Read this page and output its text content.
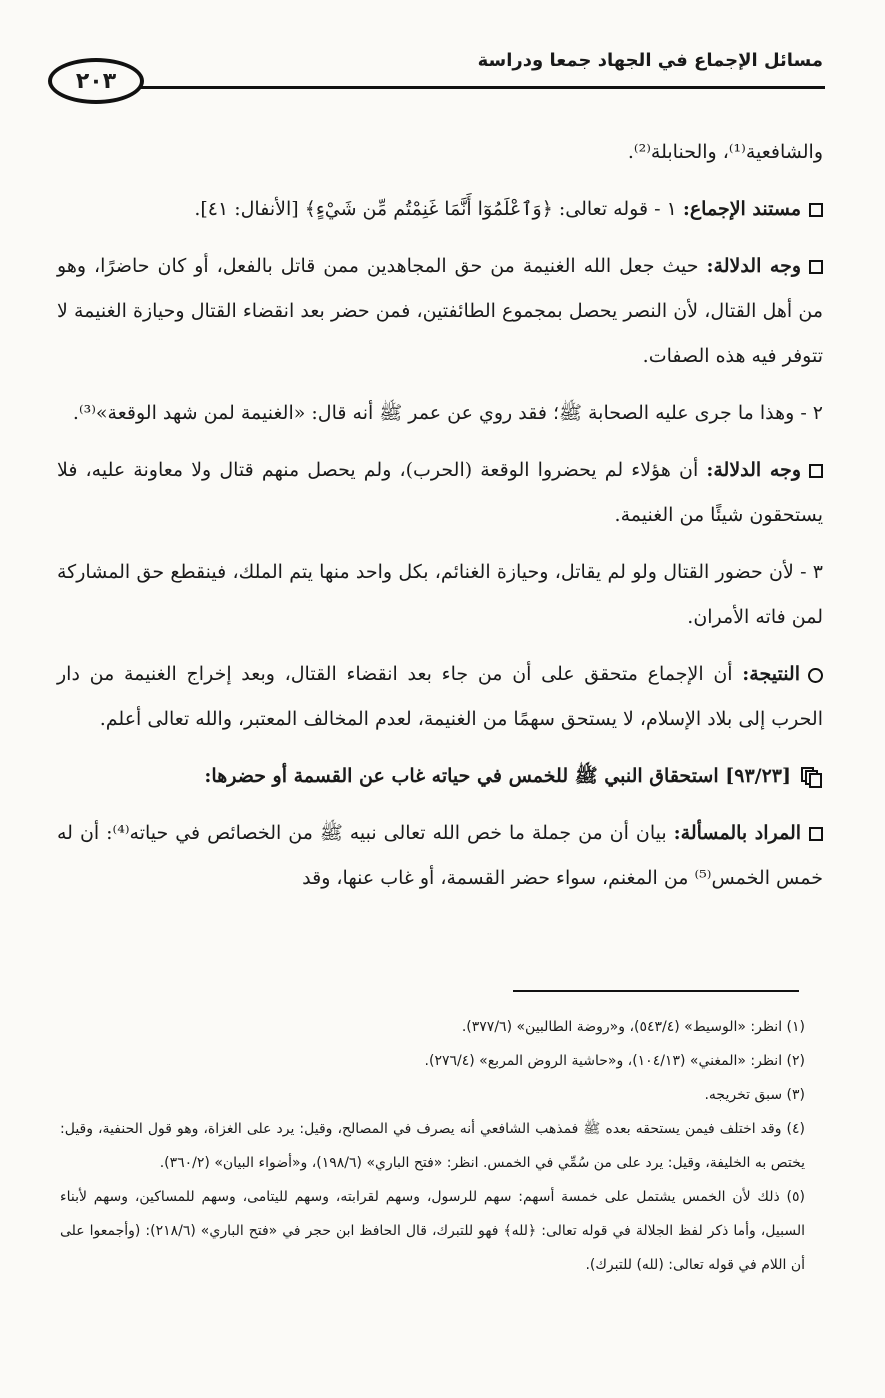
مسائل الإجماع في الجهاد جمعا ودراسة
٢٠٣

والشافعية⁽¹⁾، والحنابلة⁽²⁾.

مستند الإجماع: ١ - قوله تعالى: ﴿وَٱعْلَمُوٓا أَنَّمَا غَنِمْتُم مِّن شَيْءٍ﴾ [الأنفال: ٤١].

وجه الدلالة: حيث جعل الله الغنيمة من حق المجاهدين ممن قاتل بالفعل، أو كان حاضرًا، وهو من أهل القتال، لأن النصر يحصل بمجموع الطائفتين، فمن حضر بعد انقضاء القتال وحيازة الغنيمة لا تتوفر فيه هذه الصفات.

٢ - وهذا ما جرى عليه الصحابة ﷺ؛ فقد روي عن عمر ﷺ أنه قال: «الغنيمة لمن شهد الوقعة»⁽³⁾.

وجه الدلالة: أن هؤلاء لم يحضروا الوقعة (الحرب)، ولم يحصل منهم قتال ولا معاونة عليه، فلا يستحقون شيئًا من الغنيمة.

٣ - لأن حضور القتال ولو لم يقاتل، وحيازة الغنائم، بكل واحد منها يتم الملك، فينقطع حق المشاركة لمن فاته الأمران.

النتيجة: أن الإجماع متحقق على أن من جاء بعد انقضاء القتال، وبعد إخراج الغنيمة من دار الحرب إلى بلاد الإسلام، لا يستحق سهمًا من الغنيمة، لعدم المخالف المعتبر، والله تعالى أعلم.

[٩٣/٢٣] استحقاق النبي ﷺ للخمس في حياته غاب عن القسمة أو حضرها:

المراد بالمسألة: بيان أن من جملة ما خص الله تعالى نبيه ﷺ من الخصائص في حياته⁽⁴⁾: أن له خمس الخمس⁽⁵⁾ من المغنم، سواء حضر القسمة، أو غاب عنها، وقد

(١) انظر: «الوسيط» (٥٤٣/٤)، و«روضة الطالبين» (٣٧٧/٦).

(٢) انظر: «المغني» (١٠٤/١٣)، و«حاشية الروض المربع» (٢٧٦/٤).

(٣) سبق تخريجه.

(٤) وقد اختلف فيمن يستحقه بعده ﷺ فمذهب الشافعي أنه يصرف في المصالح، وقيل: يرد على الغزاة، وهو قول الحنفية، وقيل: يختص به الخليفة، وقيل: يرد على من سُمِّي في الخمس. انظر: «فتح الباري» (١٩٨/٦)، و«أضواء البيان» (٣٦٠/٢).

(٥) ذلك لأن الخمس يشتمل على خمسة أسهم: سهم للرسول، وسهم لقرابته، وسهم لليتامى، وسهم للمساكين، وسهم لأبناء السبيل، وأما ذكر لفظ الجلالة في قوله تعالى: ﴿لله﴾ فهو للتبرك، قال الحافظ ابن حجر في «فتح الباري» (٢١٨/٦): (وأجمعوا على أن اللام في قوله تعالى: (لله) للتبرك).
